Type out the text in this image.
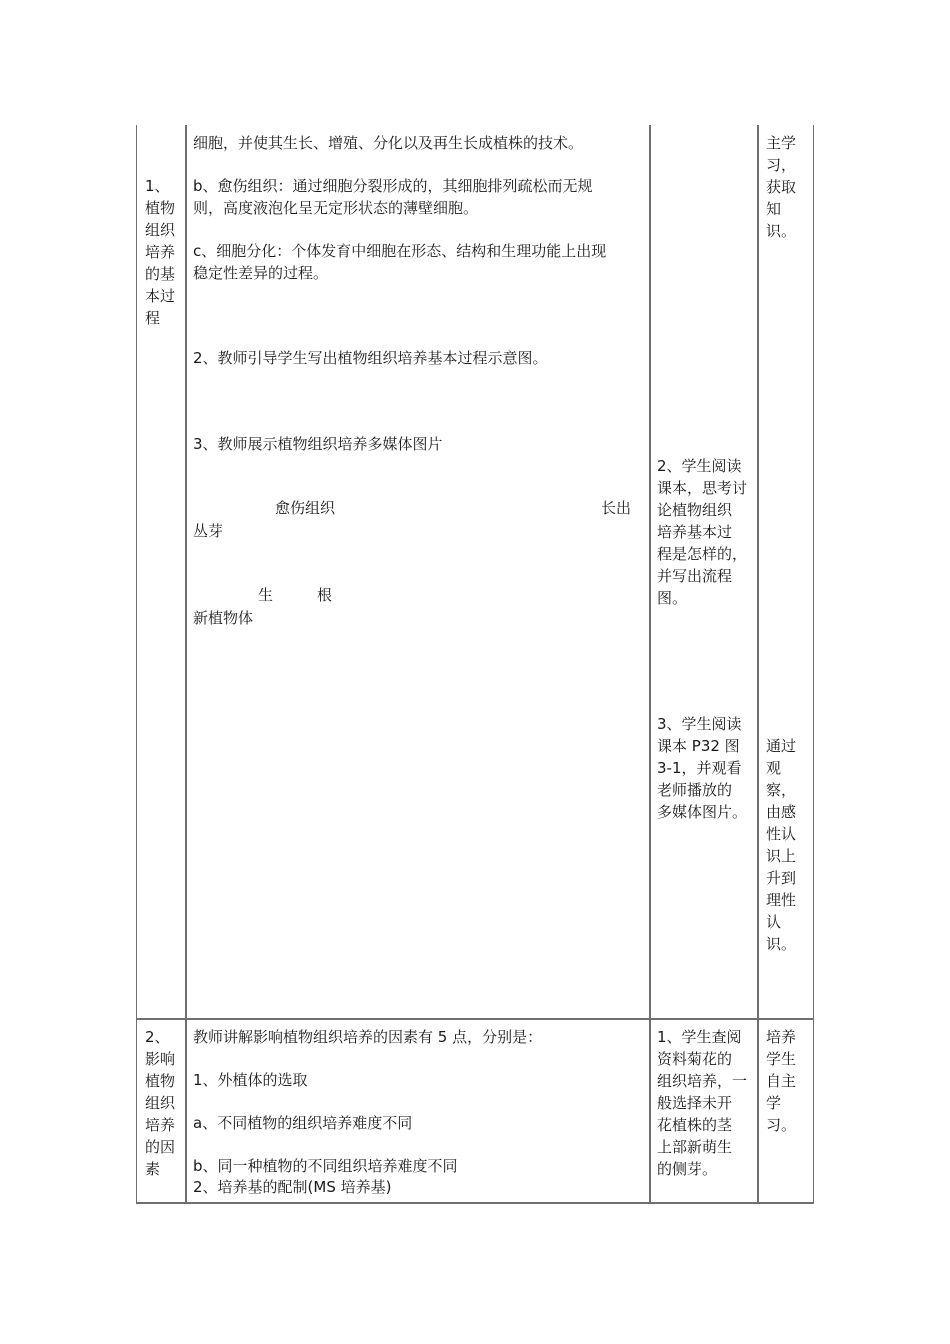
1、
植物
组织
培养
的基
本过
程
细胞，并使其生长、增殖、分化以及再生长成植株的技术。
b、愈伤组织：通过细胞分裂形成的，其细胞排列疏松而无规
则，高度液泡化呈无定形状态的薄壁细胞。
c、细胞分化：个体发育中细胞在形态、结构和生理功能上出现
稳定性差异的过程。
2、教师引导学生写出植物组织培养基本过程示意图。
3、教师展示植物组织培养多媒体图片
愈伤组织	长出
丛芽
生	根
新植物体
2、学生阅读
课本，思考讨
论植物组织
培养基本过
程是怎样的，
并写出流程
图。
3、学生阅读
课本 P32 图
3-1，并观看
老师播放的
多媒体图片。
主学
习，
获取
知
识。
通过
观
察，
由感
性认
识上
升到
理性
认
识。
2、
影响
植物
组织
培养
的因
素
教师讲解影响植物组织培养的因素有 5 点，分别是：
1、外植体的选取
a、不同植物的组织培养难度不同
b、同一种植物的不同组织培养难度不同
2、培养基的配制(MS 培养基)
1、学生查阅
资料菊花的
组织培养，一
般选择未开
花植株的茎
上部新萌生
的侧芽。
培养
学生
自主
学
习。
